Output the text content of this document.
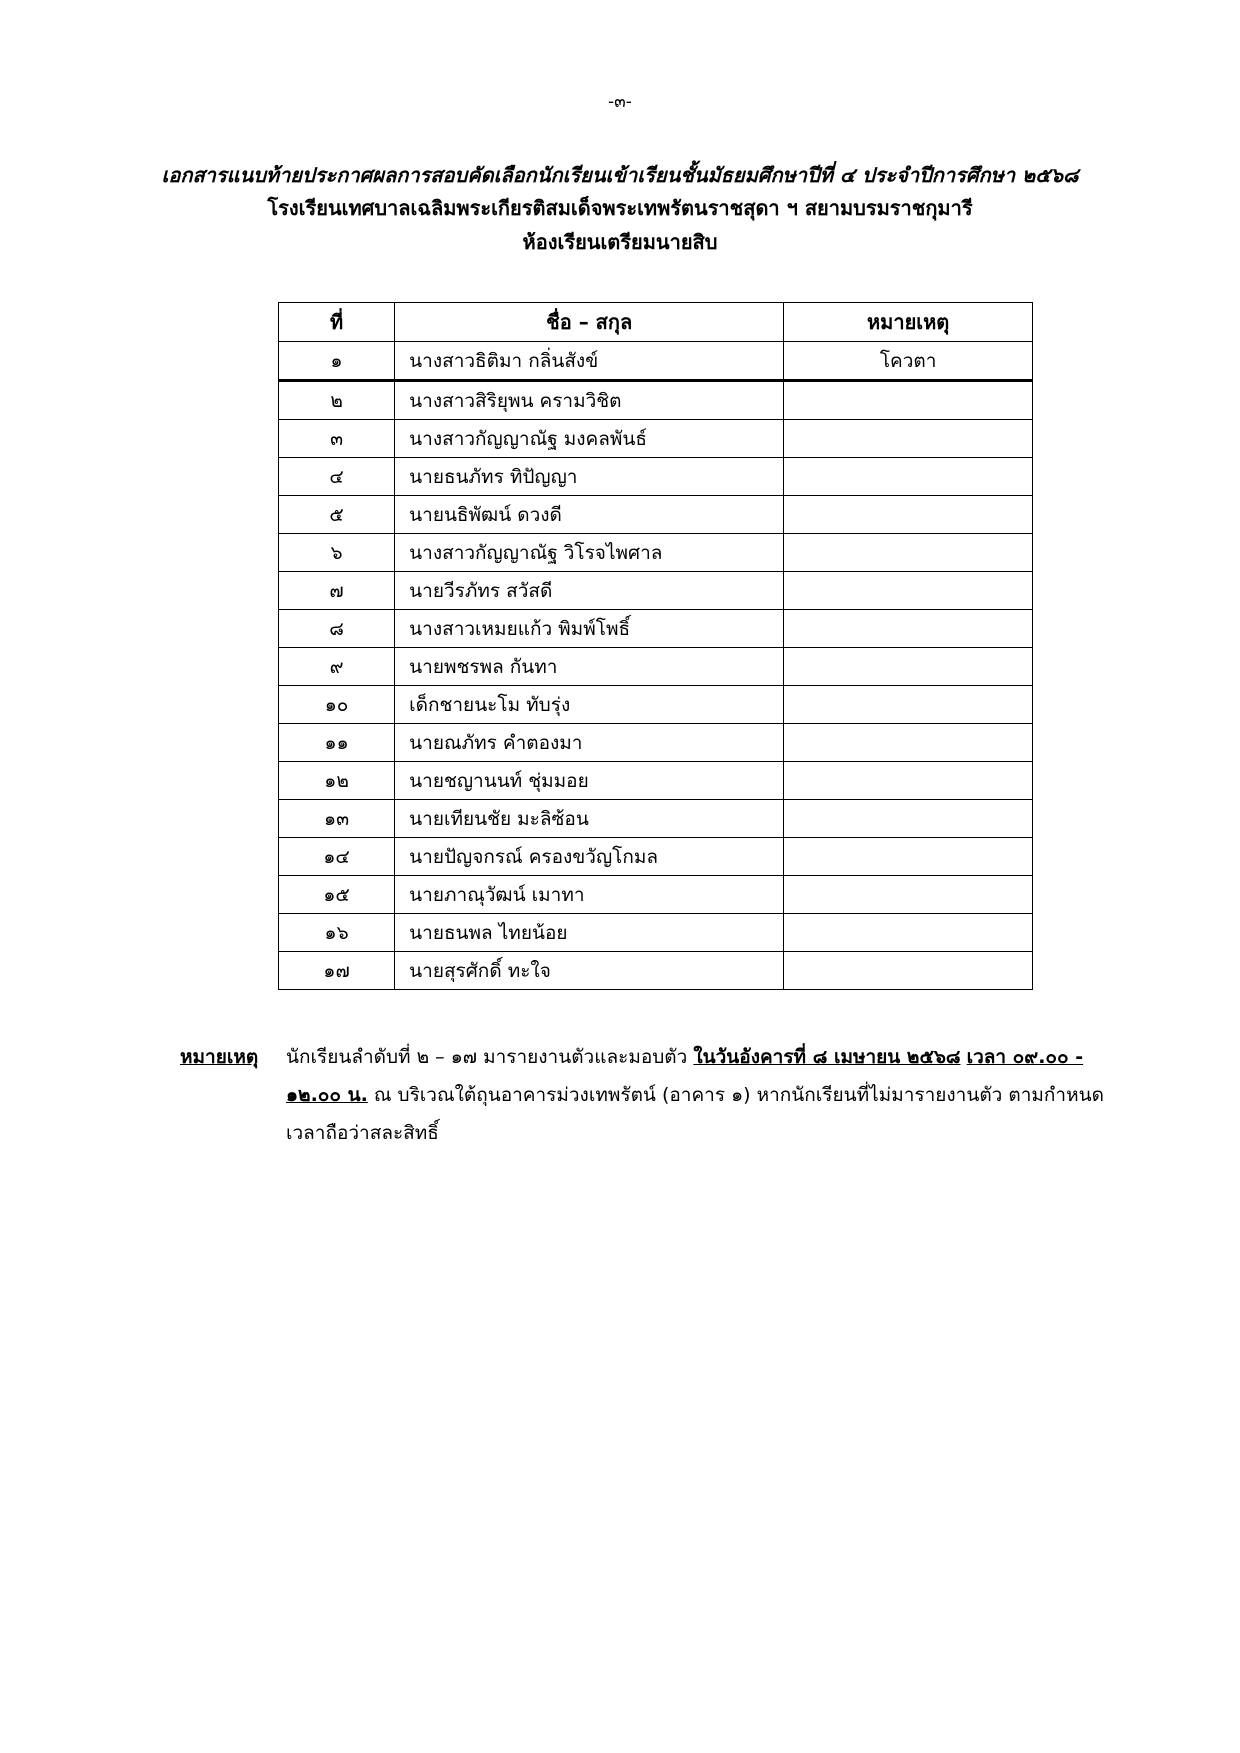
-๓-
เอกสารแนบท้ายประกาศผลการสอบคัดเลือกนักเรียนเข้าเรียนชั้นมัธยมศึกษาปีที่ ๔ ประจำปีการศึกษา ๒๕๖๘
โรงเรียนเทศบาลเฉลิมพระเกียรติสมเด็จพระเทพรัตนราชสุดา ฯ สยามบรมราชกุมารี
ห้องเรียนเตรียมนายสิบ
ที่	ชื่อ – สกุล	หมายเหตุ
๑	นางสาวธิติมา กลิ่นสังข์	โควตา
๒	นางสาวสิริยุพน ครามวิชิต	
๓	นางสาวกัญญาณัฐ มงคลพันธ์	
๔	นายธนภัทร ทิปัญญา	
๕	นายนธิพัฒน์ ดวงดี	
๖	นางสาวกัญญาณัฐ วิโรจไพศาล	
๗	นายวีรภัทร สวัสดี	
๘	นางสาวเหมยแก้ว พิมพ์โพธิ์	
๙	นายพชรพล กันทา	
๑๐	เด็กชายนะโม ทับรุ่ง	
๑๑	นายณภัทร คำตองมา	
๑๒	นายชญานนท์ ชุ่มมอย	
๑๓	นายเทียนชัย มะลิซ้อน	
๑๔	นายปัญจกรณ์ ครองขวัญโกมล	
๑๕	นายภาณุวัฒน์ เมาทา	
๑๖	นายธนพล ไทยน้อย	
๑๗	นายสุรศักดิ์ ทะใจ	
หมายเหตุ นักเรียนลำดับที่ ๒ – ๑๗ มารายงานตัวและมอบตัว ในวันอังคารที่ ๘ เมษายน ๒๕๖๘ เวลา ๐๙.๐๐ - ๑๒.๐๐ น. ณ บริเวณใต้ถุนอาคารม่วงเทพรัตน์ (อาคาร ๑) หากนักเรียนที่ไม่มารายงานตัว ตามกำหนดเวลาถือว่าสละสิทธิ์
